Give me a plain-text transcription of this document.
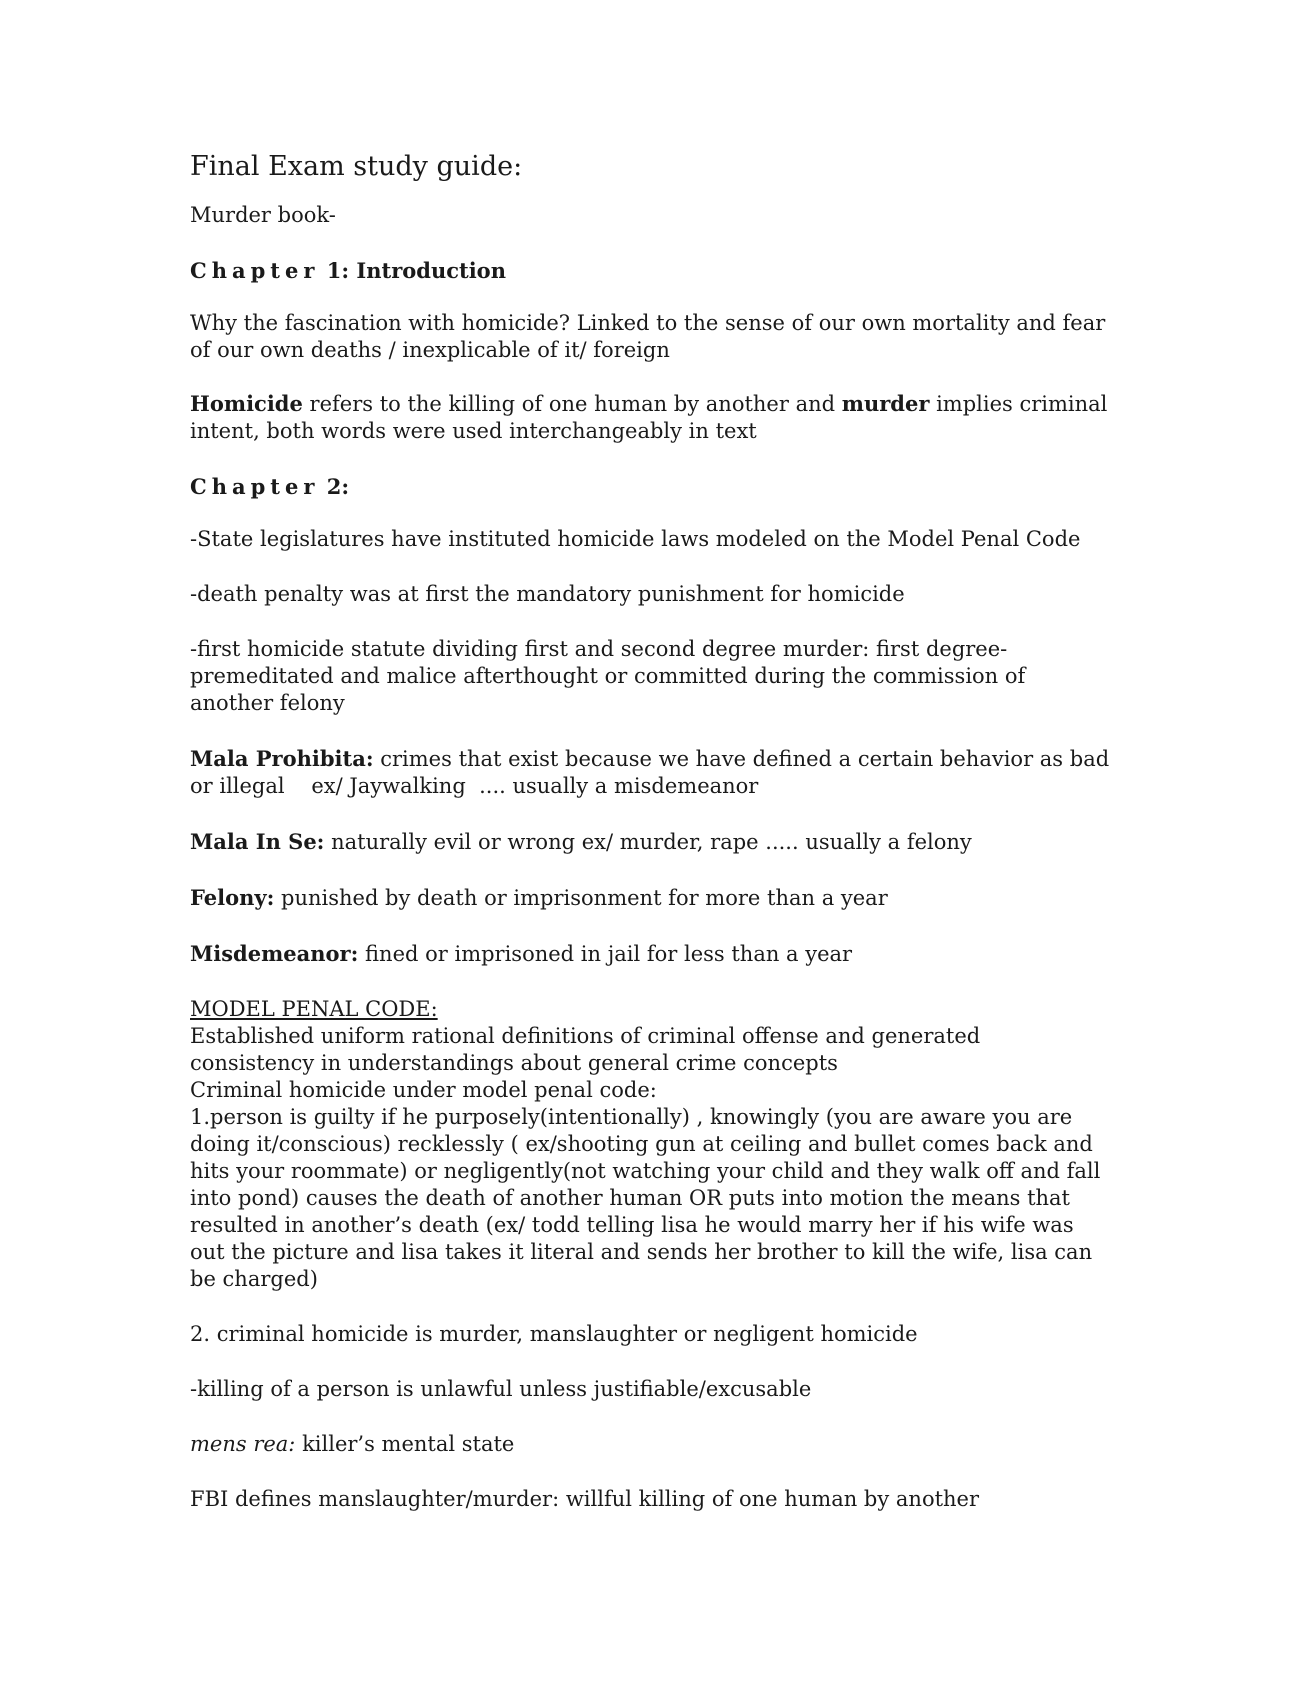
Final Exam study guide:

Murder book-

Chapter 1: Introduction

Why the fascination with homicide? Linked to the sense of our own mortality and fear of our own deaths / inexplicable of it/ foreign

Homicide refers to the killing of one human by another and murder implies criminal intent, both words were used interchangeably in text

Chapter 2:

-State legislatures have instituted homicide laws modeled on the Model Penal Code

-death penalty was at first the mandatory punishment for homicide

-first homicide statute dividing first and second degree murder: first degree- premeditated and malice afterthought or committed during the commission of another felony

Mala Prohibita: crimes that exist because we have defined a certain behavior as bad or illegal    ex/ Jaywalking  .... usually a misdemeanor

Mala In Se: naturally evil or wrong ex/ murder, rape ..... usually a felony

Felony: punished by death or imprisonment for more than a year

Misdemeanor: fined or imprisoned in jail for less than a year

MODEL PENAL CODE:

Established uniform rational definitions of criminal offense and generated consistency in understandings about general crime concepts

Criminal homicide under model penal code:

1.person is guilty if he purposely(intentionally) , knowingly (you are aware you are doing it/conscious) recklessly ( ex/shooting gun at ceiling and bullet comes back and hits your roommate) or negligently(not watching your child and they walk off and fall into pond) causes the death of another human OR puts into motion the means that resulted in another’s death (ex/ todd telling lisa he would marry her if his wife was out the picture and lisa takes it literal and sends her brother to kill the wife, lisa can be charged)

2. criminal homicide is murder, manslaughter or negligent homicide

-killing of a person is unlawful unless justifiable/excusable

mens rea: killer’s mental state

FBI defines manslaughter/murder: willful killing of one human by another
